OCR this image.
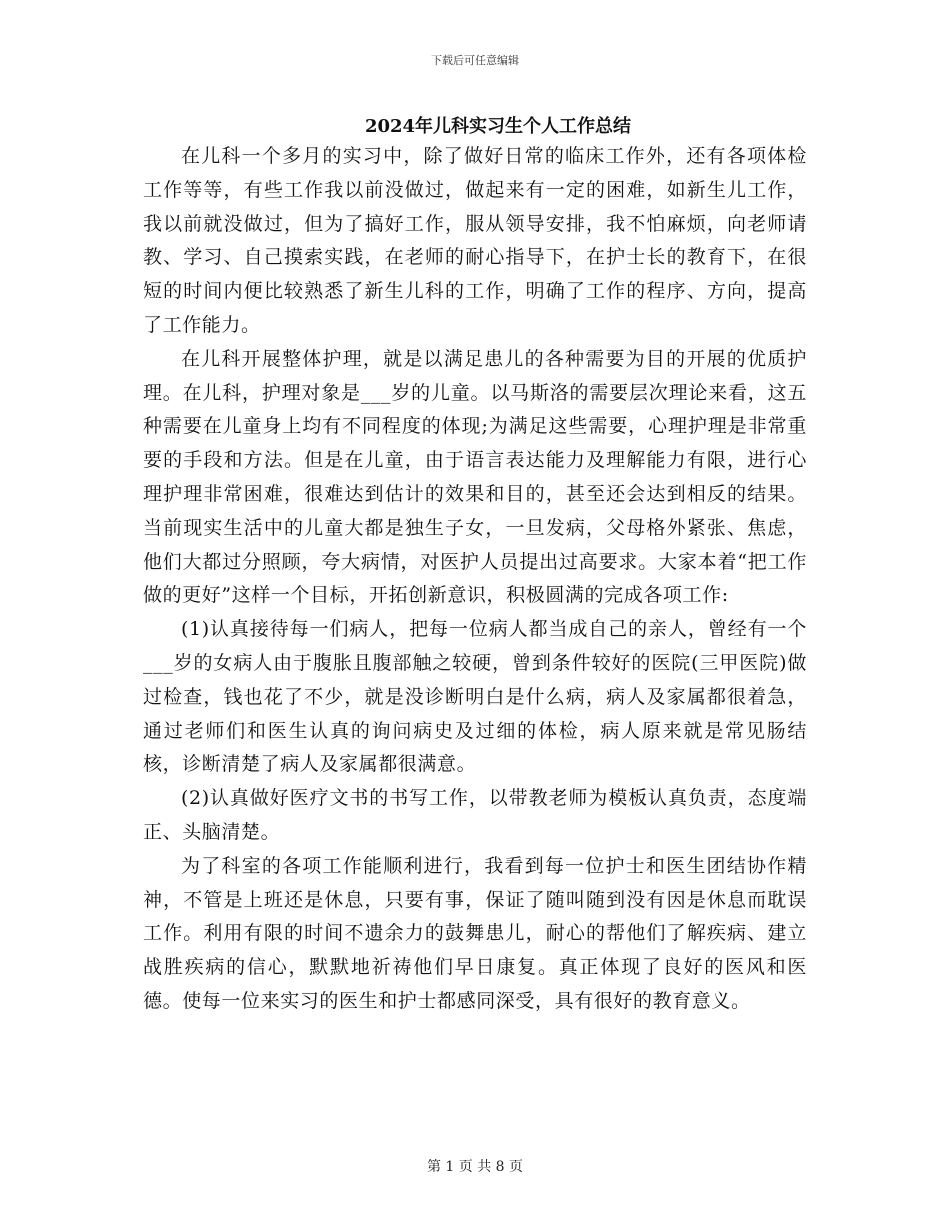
下载后可任意编辑
2024年儿科实习生个人工作总结

在儿科一个多月的实习中，除了做好日常的临床工作外，还有各项体检工作等等，有些工作我以前没做过，做起来有一定的困难，如新生儿工作，我以前就没做过，但为了搞好工作，服从领导安排，我不怕麻烦，向老师请教、学习、自己摸索实践，在老师的耐心指导下，在护士长的教育下，在很短的时间内便比较熟悉了新生儿科的工作，明确了工作的程序、方向，提高了工作能力。

在儿科开展整体护理，就是以满足患儿的各种需要为目的开展的优质护理。在儿科，护理对象是___岁的儿童。以马斯洛的需要层次理论来看，这五种需要在儿童身上均有不同程度的体现;为满足这些需要，心理护理是非常重要的手段和方法。但是在儿童，由于语言表达能力及理解能力有限，进行心理护理非常困难，很难达到估计的效果和目的，甚至还会达到相反的结果。当前现实生活中的儿童大都是独生子女，一旦发病，父母格外紧张、焦虑，他们大都过分照顾，夸大病情，对医护人员提出过高要求。大家本着“把工作做的更好”这样一个目标，开拓创新意识，积极圆满的完成各项工作:

(1)认真接待每一们病人，把每一位病人都当成自己的亲人，曾经有一个___岁的女病人由于腹胀且腹部触之较硬，曾到条件较好的医院(三甲医院)做过检查，钱也花了不少，就是没诊断明白是什么病，病人及家属都很着急，通过老师们和医生认真的询问病史及过细的体检，病人原来就是常见肠结核，诊断清楚了病人及家属都很满意。

(2)认真做好医疗文书的书写工作，以带教老师为模板认真负责，态度端正、头脑清楚。

为了科室的各项工作能顺利进行，我看到每一位护士和医生团结协作精神，不管是上班还是休息，只要有事，保证了随叫随到没有因是休息而耽误工作。利用有限的时间不遗余力的鼓舞患儿，耐心的帮他们了解疾病、建立战胜疾病的信心，默默地祈祷他们早日康复。真正体现了良好的医风和医德。使每一位来实习的医生和护士都感同深受，具有很好的教育意义。

第 1 页 共 8 页
